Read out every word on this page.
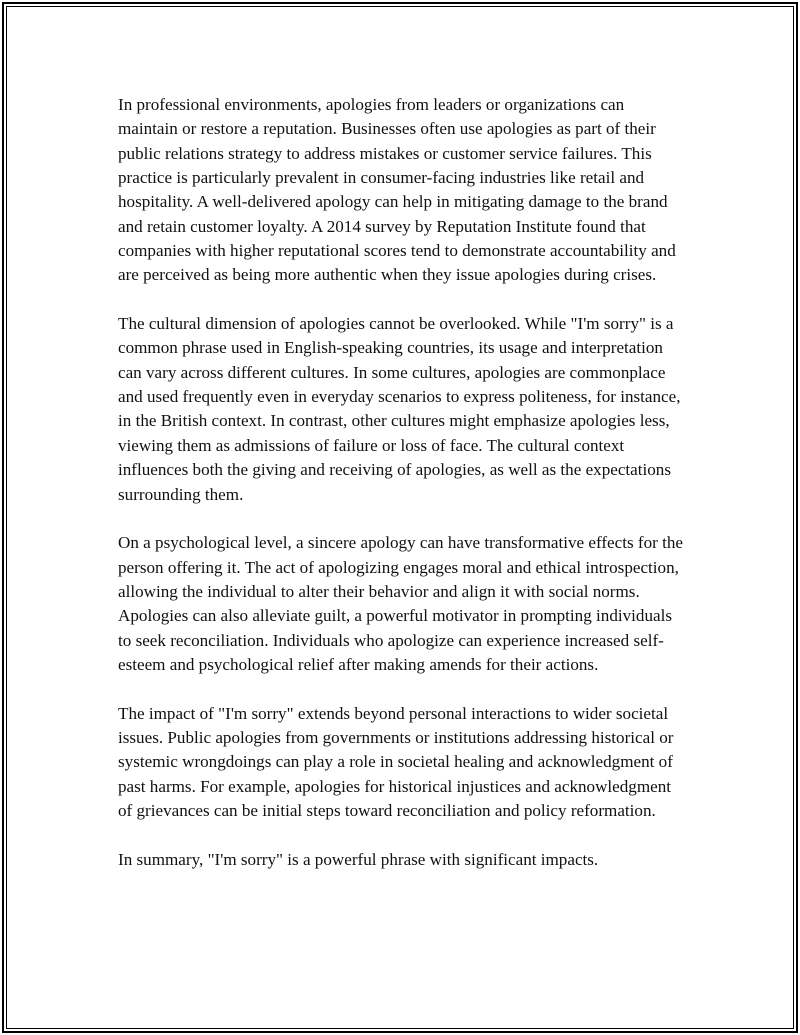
In professional environments, apologies from leaders or organizations can maintain or restore a reputation. Businesses often use apologies as part of their public relations strategy to address mistakes or customer service failures. This practice is particularly prevalent in consumer-facing industries like retail and hospitality. A well-delivered apology can help in mitigating damage to the brand and retain customer loyalty. A 2014 survey by Reputation Institute found that companies with higher reputational scores tend to demonstrate accountability and are perceived as being more authentic when they issue apologies during crises.

The cultural dimension of apologies cannot be overlooked. While "I'm sorry" is a common phrase used in English-speaking countries, its usage and interpretation can vary across different cultures. In some cultures, apologies are commonplace and used frequently even in everyday scenarios to express politeness, for instance, in the British context. In contrast, other cultures might emphasize apologies less, viewing them as admissions of failure or loss of face. The cultural context influences both the giving and receiving of apologies, as well as the expectations surrounding them.

On a psychological level, a sincere apology can have transformative effects for the person offering it. The act of apologizing engages moral and ethical introspection, allowing the individual to alter their behavior and align it with social norms. Apologies can also alleviate guilt, a powerful motivator in prompting individuals to seek reconciliation. Individuals who apologize can experience increased self-esteem and psychological relief after making amends for their actions.

The impact of "I'm sorry" extends beyond personal interactions to wider societal issues. Public apologies from governments or institutions addressing historical or systemic wrongdoings can play a role in societal healing and acknowledgment of past harms. For example, apologies for historical injustices and acknowledgment of grievances can be initial steps toward reconciliation and policy reformation.

In summary, "I'm sorry" is a powerful phrase with significant impacts.
